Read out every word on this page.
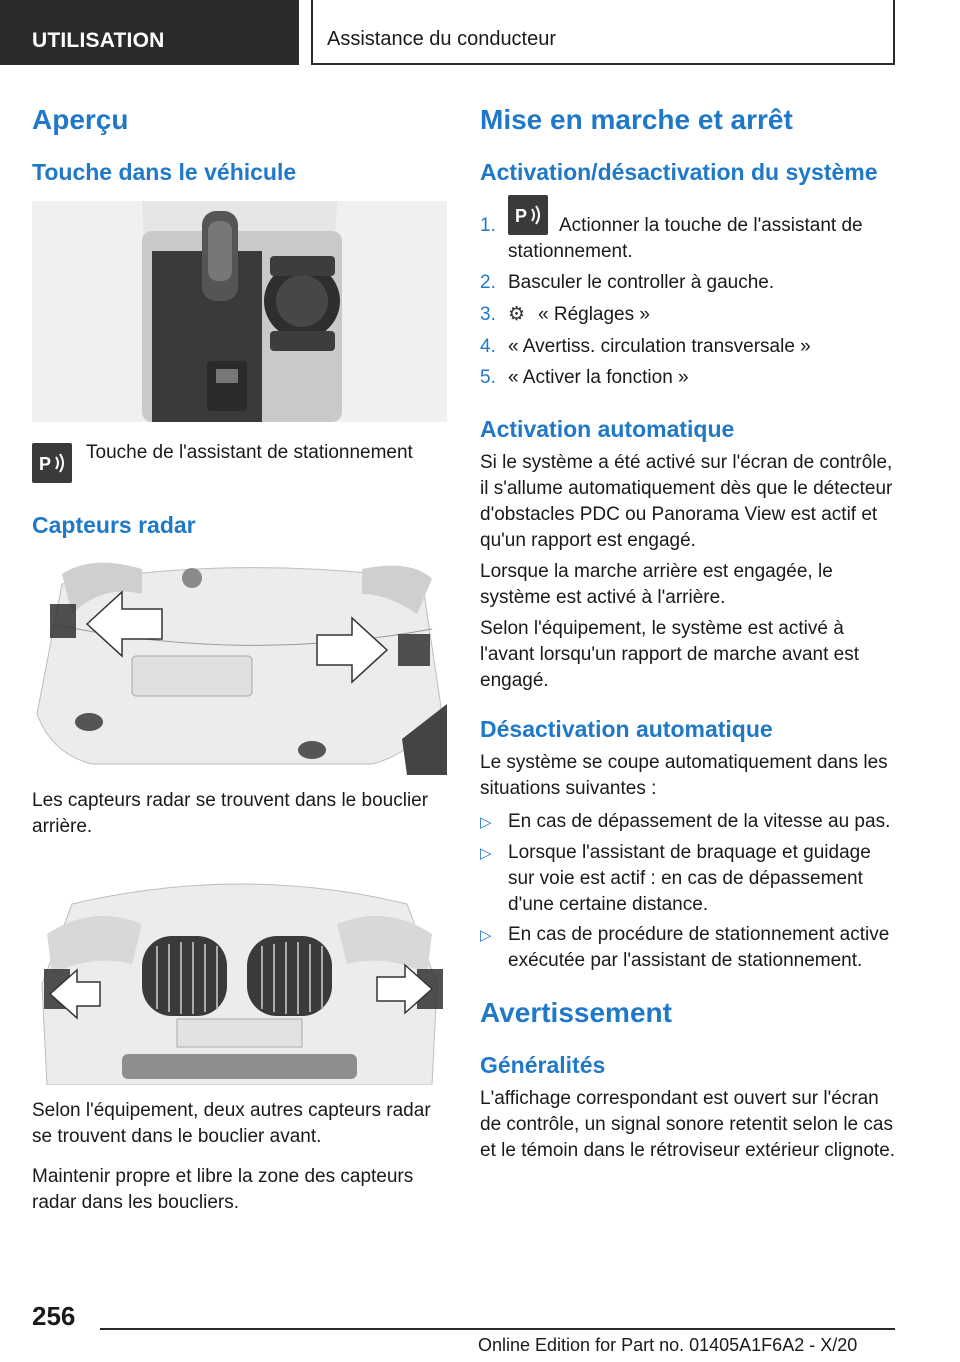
UTILISATION	Assistance du conducteur
Aperçu
Touche dans le véhicule
P
Touche de l'assistant de stationnement
Capteurs radar
Les capteurs radar se trouvent dans le bouclier arrière.
Selon l'équipement, deux autres capteurs radar se trouvent dans le bouclier avant.
Maintenir propre et libre la zone des capteurs radar dans les boucliers.
Mise en marche et arrêt
Activation/désactivation du système
1.	P	Actionner la touche de l'assistant de stationnement.
2. Basculer le controller à gauche.
3. ⚙ « Réglages »
4. « Avertiss. circulation transversale »
5. « Activer la fonction »
Activation automatique
Si le système a été activé sur l'écran de contrôle, il s'allume automatiquement dès que le détecteur d'obstacles PDC ou Panorama View est actif et qu'un rapport est engagé.
Lorsque la marche arrière est engagée, le système est activé à l'arrière.
Selon l'équipement, le système est activé à l'avant lorsqu'un rapport de marche avant est engagé.
Désactivation automatique
Le système se coupe automatiquement dans les situations suivantes :
▷ En cas de dépassement de la vitesse au pas.
▷ Lorsque l'assistant de braquage et guidage sur voie est actif : en cas de dépassement d'une certaine distance.
▷ En cas de procédure de stationnement active exécutée par l'assistant de stationnement.
Avertissement
Généralités
L'affichage correspondant est ouvert sur l'écran de contrôle, un signal sonore retentit selon le cas et le témoin dans le rétroviseur extérieur clignote.
256
Online Edition for Part no. 01405A1F6A2 - X/20
